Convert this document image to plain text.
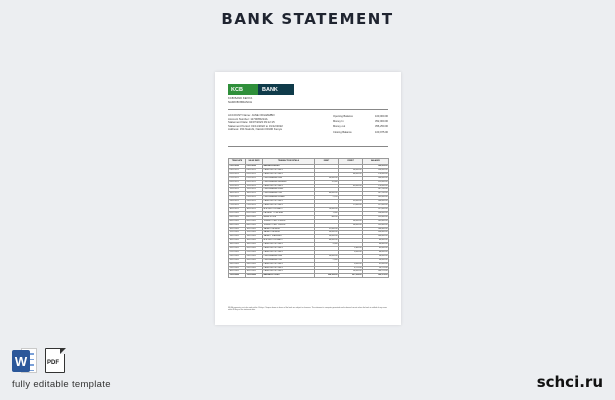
BANK STATEMENT
KCB	BANK
KCB BANK KENYA
NAIROBI BRANCH
ACCOUNT Name: JANE ODHIAMBO
Account Number: 1170065214A
Statement Date: 04/07/2023 09:12:15
Statement Period: 01/11/2022 to 31/12/2022
Address: 154 Nairobi, Nairobi 00100 Kenya
Opening Balance	100,000.00
Money In	352,000.00
Money out	356,250.00
Closing Balance	100,975.00
TRAN DATE	VALUE DATE	TRANSACTION DETAILS	DEBIT	CREDIT	BALANCE
01/11/2022	01/11/2022	BALANCE B/FWD			100,000.00
03/11/2022	03/11/2022	CASH DEPOSIT SELF		30,000.00	130,000.00
05/11/2022	05/11/2022	CASH DEPOSIT SELF		40,000.00	170,000.00
07/11/2022	07/11/2022	Card Withdrawal Sarit	30,000.00		140,000.00
09/11/2022	09/11/2022	Card Withdrawal Mombasa	15,000		125,000.00
12/11/2022	12/11/2022	CASH DEPOSIT SELF		45,000.00	170,000.00
15/11/2022	15/11/2022	Card Withdrawal Karen			167,250.00
18/11/2022	18/11/2022	Card Withdrawal CBD	60,000.00		107,250.00
21/11/2022	21/11/2022	Card Withdrawal Kiambu	2,250		105,000.00
24/11/2022	24/11/2022	CASH DEPOSIT SELF		35,000.00	140,000.00
27/11/2022	27/11/2022	CASH DEPOSIT SELF		17,000.00	157,000.00
30/11/2022	30/11/2022	ATM WDL KCB SARIT	20,000.00		137,000.00
02/12/2022	02/12/2022	PAYMENT TO MPESA	1,000		136,000.00
04/12/2022	04/12/2022	Mobile to Card	400.00		135,600.00
06/12/2022	06/12/2022	Transfer TO A/C 4789KDP		30,000.00	165,600.00
08/12/2022	08/12/2022	Transfer TO A/C 1185KDP		30,000.00	195,600.00
10/12/2022	10/12/2022	SALARY PAYMENT	31,000.00		164,600.00
12/12/2022	12/12/2022	SALARY PAYMENT	30,000.00		134,600.00
14/12/2022	14/12/2022	SALARY TRANSFER	30,000.00		104,600.00
16/12/2022	16/12/2022	ATM WDL KCB SARIT	40,000.00		64,600.00
18/12/2022	18/12/2022	CASH DEPOSIT SELF	4,000		60,600.00
20/12/2022	20/12/2022	CASH DEPOSIT SELF		2,400.00	63,000.00
22/12/2022	22/12/2022	CASH DEPOSIT SELF		5,000.00	68,000.00
24/12/2022	24/12/2022	Card Withdrawal Sarit	30,000.00		38,000.00
26/12/2022	26/12/2022	Card Withdrawal CBD	2,000		36,000.00
28/12/2022	28/12/2022	CASH DEPOSIT SELF		5,000.00	41,000.00
29/12/2022	29/12/2022	CASH DEPOSIT SELF		9,975.00	50,975.00
30/12/2022	30/12/2022	CASH DEPOSIT SELF		50,000.00	100,975.00
31/12/2022	31/12/2022	BALANCE C/FWD	356,250.00	357,225.00	100,975.00
NB: All payments are to be made within 14 days. Cheques drawn in favour of the bank are subject to clearance. This statement is computer generated and is deemed correct unless the bank is notified of any errors within 30 days of the statement date.
W	PDF
fully editable template	schci.ru
